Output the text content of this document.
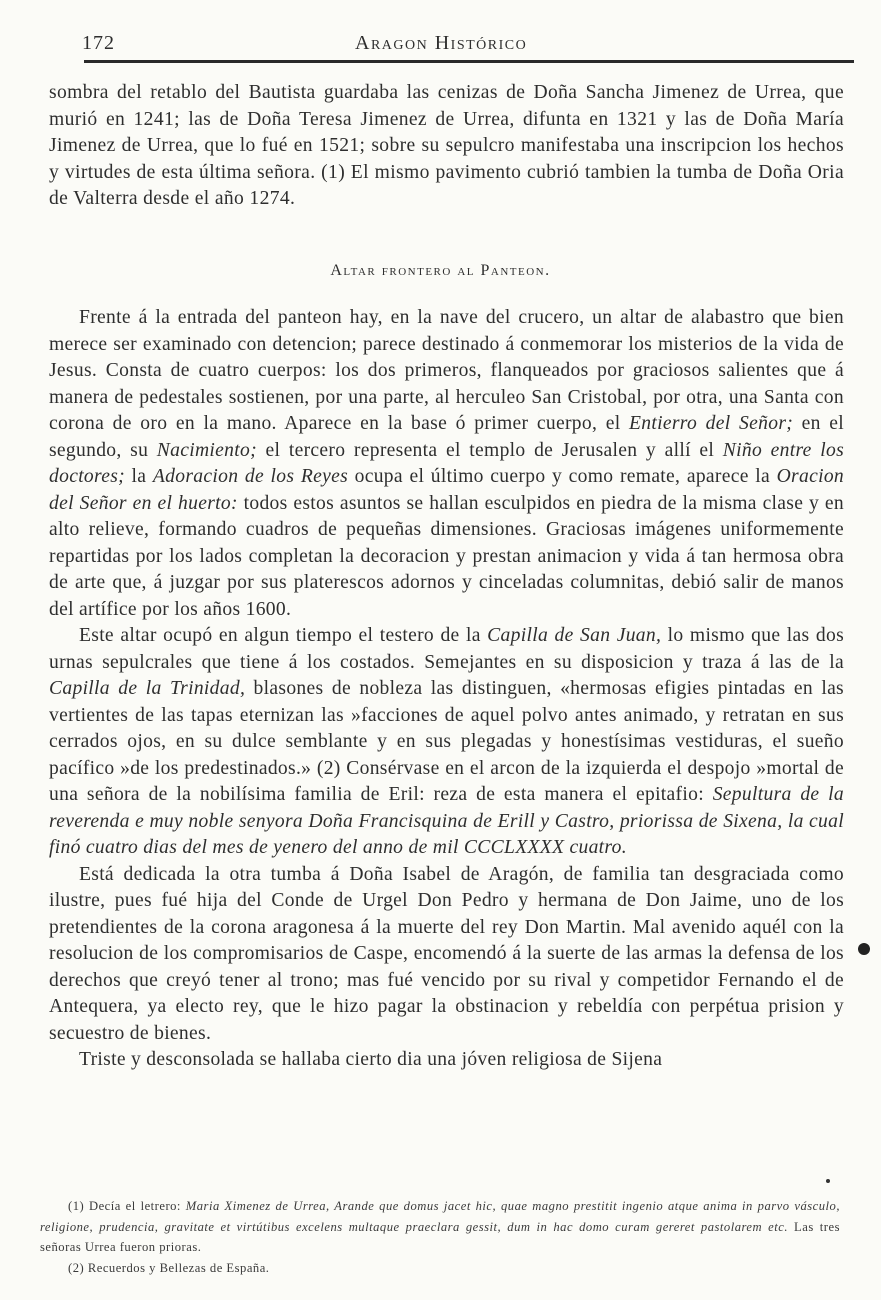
172	Aragon Histórico

sombra del retablo del Bautista guardaba las cenizas de Doña Sancha Jimenez de Urrea, que murió en 1241; las de Doña Teresa Jimenez de Urrea, difunta en 1321 y las de Doña María Jimenez de Urrea, que lo fué en 1521; sobre su sepulcro manifestaba una inscripcion los hechos y virtudes de esta última señora. (1) El mismo pavimento cubrió tambien la tumba de Doña Oria de Valterra desde el año 1274.

Altar frontero al Panteon.

Frente á la entrada del panteon hay, en la nave del crucero, un altar de alabastro que bien merece ser examinado con detencion; parece destinado á conmemorar los misterios de la vida de Jesus. Consta de cuatro cuerpos: los dos primeros, flanqueados por graciosos salientes que á manera de pedestales sostienen, por una parte, al herculeo San Cristobal, por otra, una Santa con corona de oro en la mano. Aparece en la base ó primer cuerpo, el Entierro del Señor; en el segundo, su Nacimiento; el tercero representa el templo de Jerusalen y allí el Niño entre los doctores; la Adoracion de los Reyes ocupa el último cuerpo y como remate, aparece la Oracion del Señor en el huerto: todos estos asuntos se hallan esculpidos en piedra de la misma clase y en alto relieve, formando cuadros de pequeñas dimensiones. Graciosas imágenes uniformemente repartidas por los lados completan la decoracion y prestan animacion y vida á tan hermosa obra de arte que, á juzgar por sus platerescos adornos y cinceladas columnitas, debió salir de manos del artífice por los años 1600.

Este altar ocupó en algun tiempo el testero de la Capilla de San Juan, lo mismo que las dos urnas sepulcrales que tiene á los costados. Semejantes en su disposicion y traza á las de la Capilla de la Trinidad, blasones de nobleza las distinguen, «hermosas efigies pintadas en las vertientes de las tapas eternizan las »facciones de aquel polvo antes animado, y retratan en sus cerrados ojos, en su dulce semblante y en sus plegadas y honestísimas vestiduras, el sueño pacífico »de los predestinados.» (2) Consérvase en el arcon de la izquierda el despojo »mortal de una señora de la nobilísima familia de Eril: reza de esta manera el epitafio: Sepultura de la reverenda e muy noble senyora Doña Francisquina de Erill y Castro, priorissa de Sixena, la cual finó cuatro dias del mes de yenero del anno de mil CCCLXXXX cuatro.

Está dedicada la otra tumba á Doña Isabel de Aragón, de familia tan desgraciada como ilustre, pues fué hija del Conde de Urgel Don Pedro y hermana de Don Jaime, uno de los pretendientes de la corona aragonesa á la muerte del rey Don Martin. Mal avenido aquél con la resolucion de los compromisarios de Caspe, encomendó á la suerte de las armas la defensa de los derechos que creyó tener al trono; mas fué vencido por su rival y competidor Fernando el de Antequera, ya electo rey, que le hizo pagar la obstinacion y rebeldía con perpétua prision y secuestro de bienes.

Triste y desconsolada se hallaba cierto dia una jóven religiosa de Sijena

(1) Decía el letrero: Maria Ximenez de Urrea, Arande que domus jacet hic, quae magno prestitit ingenio atque anima in parvo vásculo, religione, prudencia, gravitate et virtútibus excelens multaque praeclara gessit, dum in hac domo curam gereret pastolarem etc. Las tres señoras Urrea fueron prioras.

(2) Recuerdos y Bellezas de España.
